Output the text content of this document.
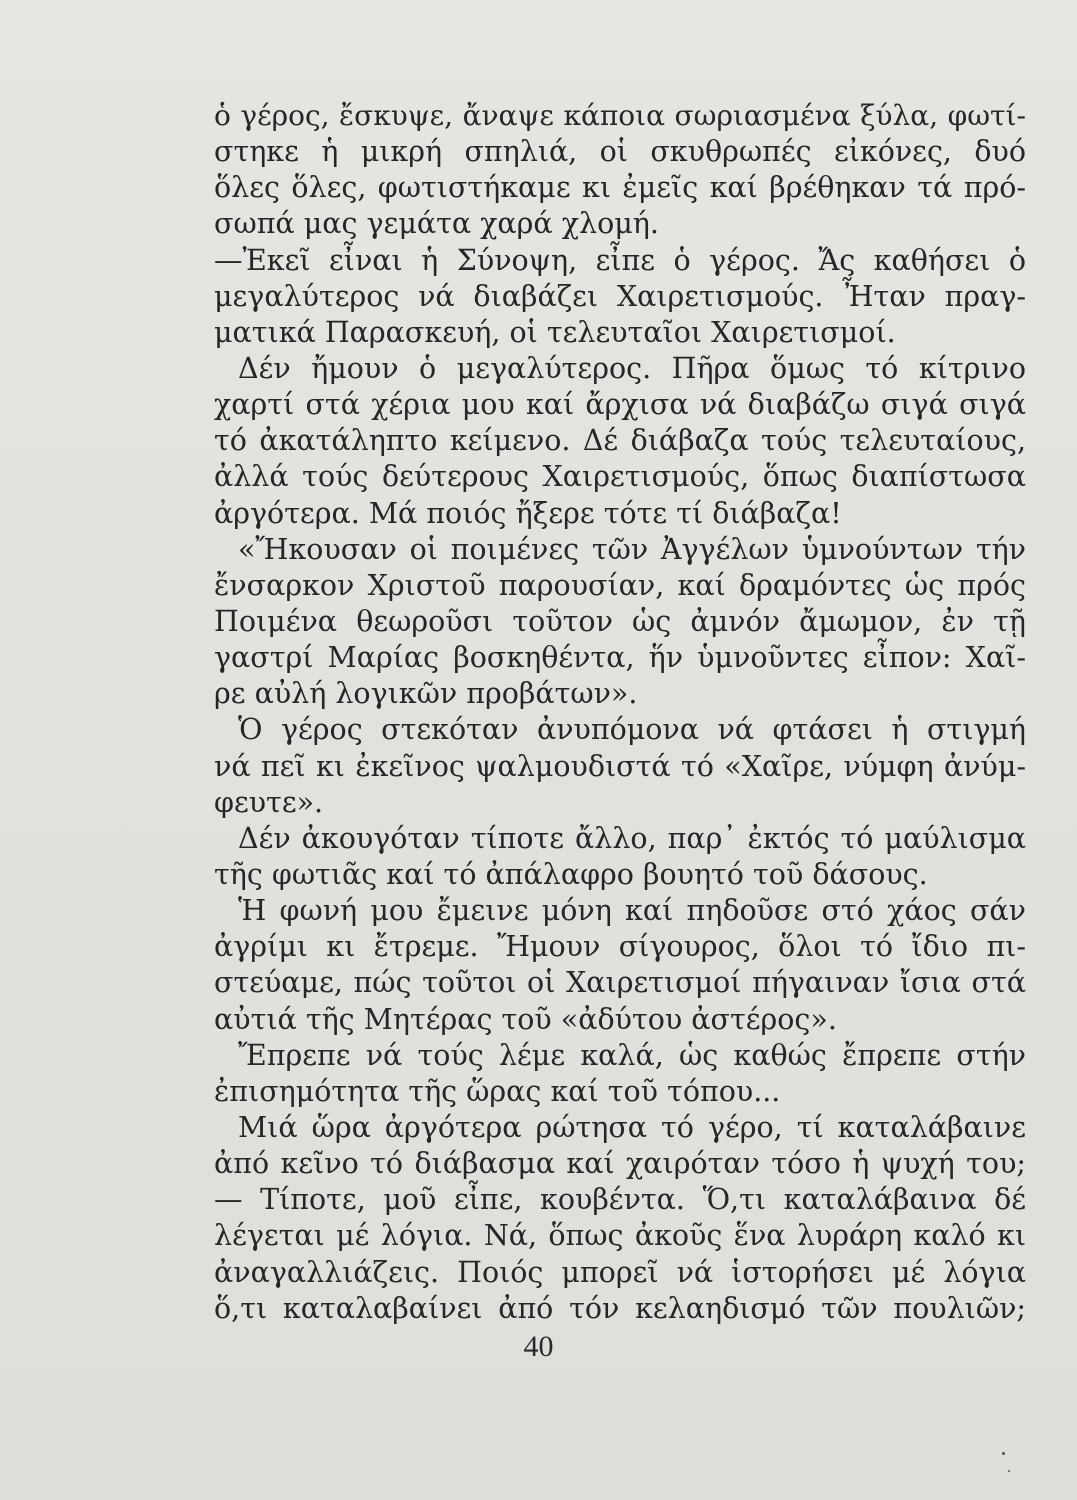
ὁ γέρος, ἔσκυψε, ἄναψε κάποια σωριασμένα ξύλα, φωτί-
στηκε ἡ μικρή σπηλιά, οἱ σκυθρωπές εἰκόνες, δυό
ὅλες ὅλες, φωτιστήκαμε κι ἐμεῖς καί βρέθηκαν τά πρό-
σωπά μας γεμάτα χαρά χλομή.
—Ἐκεῖ εἶναι ἡ Σύνοψη, εἶπε ὁ γέρος. Ἄς καθήσει ὁ
μεγαλύτερος νά διαβάζει Χαιρετισμούς. Ἦταν πραγ-
ματικά Παρασκευή, οἱ τελευταῖοι Χαιρετισμοί.
Δέν ἤμουν ὁ μεγαλύτερος. Πῆρα ὅμως τό κίτρινο
χαρτί στά χέρια μου καί ἄρχισα νά διαβάζω σιγά σιγά
τό ἀκατάληπτο κείμενο. Δέ διάβαζα τούς τελευταίους,
ἀλλά τούς δεύτερους Χαιρετισμούς, ὅπως διαπίστωσα
ἀργότερα. Μά ποιός ἤξερε τότε τί διάβαζα!
«Ἤκουσαν οἱ ποιμένες τῶν Ἀγγέλων ὑμνούντων τήν
ἔνσαρκον Χριστοῦ παρουσίαν, καί δραμόντες ὡς πρός
Ποιμένα θεωροῦσι τοῦτον ὡς ἀμνόν ἄμωμον, ἐν τῇ
γαστρί Μαρίας βοσκηθέντα, ἥν ὑμνοῦντες εἶπον: Χαῖ-
ρε αὐλή λογικῶν προβάτων».
Ὁ γέρος στεκόταν ἀνυπόμονα νά φτάσει ἡ στιγμή
νά πεῖ κι ἐκεῖνος ψαλμουδιστά τό «Χαῖρε, νύμφη ἀνύμ-
φευτε».
Δέν ἀκουγόταν τίποτε ἄλλο, παρ᾿ ἐκτός τό μαύλισμα
τῆς φωτιᾶς καί τό ἀπάλαφρο βουητό τοῦ δάσους.
Ἡ φωνή μου ἔμεινε μόνη καί πηδοῦσε στό χάος σάν
ἀγρίμι κι ἔτρεμε. Ἤμουν σίγουρος, ὅλοι τό ἴδιο πι-
στεύαμε, πώς τοῦτοι οἱ Χαιρετισμοί πήγαιναν ἴσια στά
αὐτιά τῆς Μητέρας τοῦ «ἀδύτου ἀστέρος».
Ἔπρεπε νά τούς λέμε καλά, ὡς καθώς ἔπρεπε στήν
ἐπισημότητα τῆς ὥρας καί τοῦ τόπου...
Μιά ὥρα ἀργότερα ρώτησα τό γέρο, τί καταλάβαινε
ἀπό κεῖνο τό διάβασμα καί χαιρόταν τόσο ἡ ψυχή του;
— Τίποτε, μοῦ εἶπε, κουβέντα. Ὅ,τι καταλάβαινα δέ
λέγεται μέ λόγια. Νά, ὅπως ἀκοῦς ἕνα λυράρη καλό κι
ἀναγαλλιάζεις. Ποιός μπορεῖ νά ἱστορήσει μέ λόγια
ὅ,τι καταλαβαίνει ἀπό τόν κελαηδισμό τῶν πουλιῶν;
40
